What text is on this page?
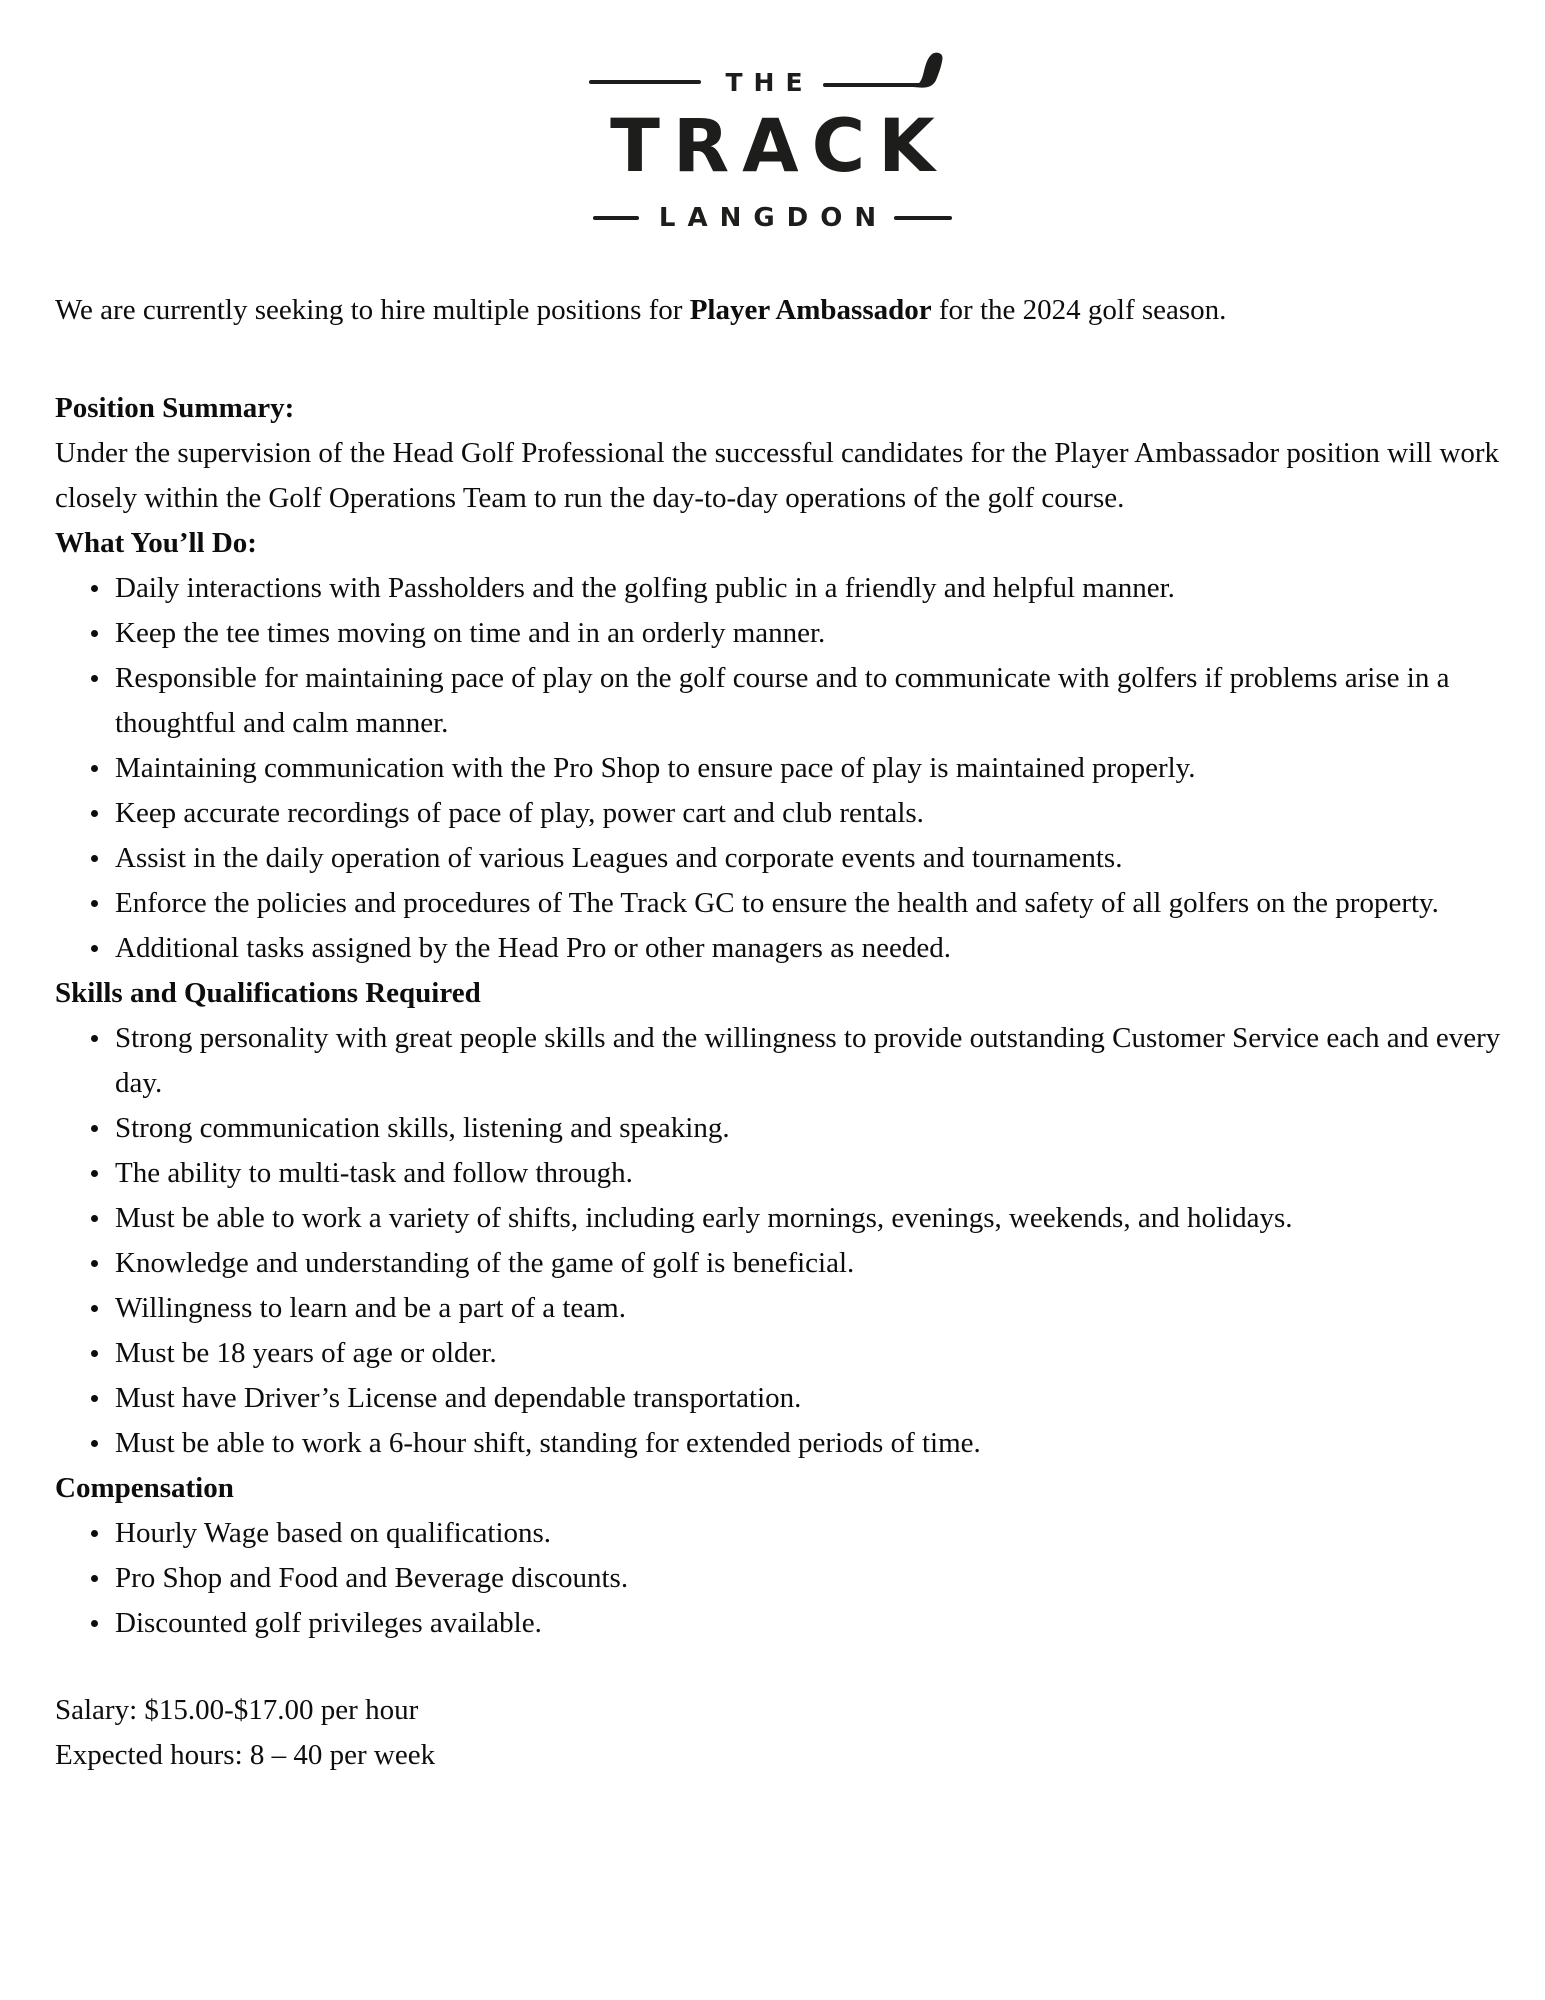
THE
TRACK
LANGDON

We are currently seeking to hire multiple positions for Player Ambassador for the 2024 golf season.

Position Summary:

Under the supervision of the Head Golf Professional the successful candidates for the Player Ambassador position will work closely within the Golf Operations Team to run the day-to-day operations of the golf course.

What You’ll Do:

Daily interactions with Passholders and the golfing public in a friendly and helpful manner.
Keep the tee times moving on time and in an orderly manner.
Responsible for maintaining pace of play on the golf course and to communicate with golfers if problems arise in a thoughtful and calm manner.
Maintaining communication with the Pro Shop to ensure pace of play is maintained properly.
Keep accurate recordings of pace of play, power cart and club rentals.
Assist in the daily operation of various Leagues and corporate events and tournaments.
Enforce the policies and procedures of The Track GC to ensure the health and safety of all golfers on the property.
Additional tasks assigned by the Head Pro or other managers as needed.

Skills and Qualifications Required

Strong personality with great people skills and the willingness to provide outstanding Customer Service each and every day.
Strong communication skills, listening and speaking.
The ability to multi-task and follow through.
Must be able to work a variety of shifts, including early mornings, evenings, weekends, and holidays.
Knowledge and understanding of the game of golf is beneficial.
Willingness to learn and be a part of a team.
Must be 18 years of age or older.
Must have Driver’s License and dependable transportation.
Must be able to work a 6-hour shift, standing for extended periods of time.

Compensation

Hourly Wage based on qualifications.
Pro Shop and Food and Beverage discounts.
Discounted golf privileges available.

Salary: $15.00-$17.00 per hour

Expected hours: 8 – 40 per week
